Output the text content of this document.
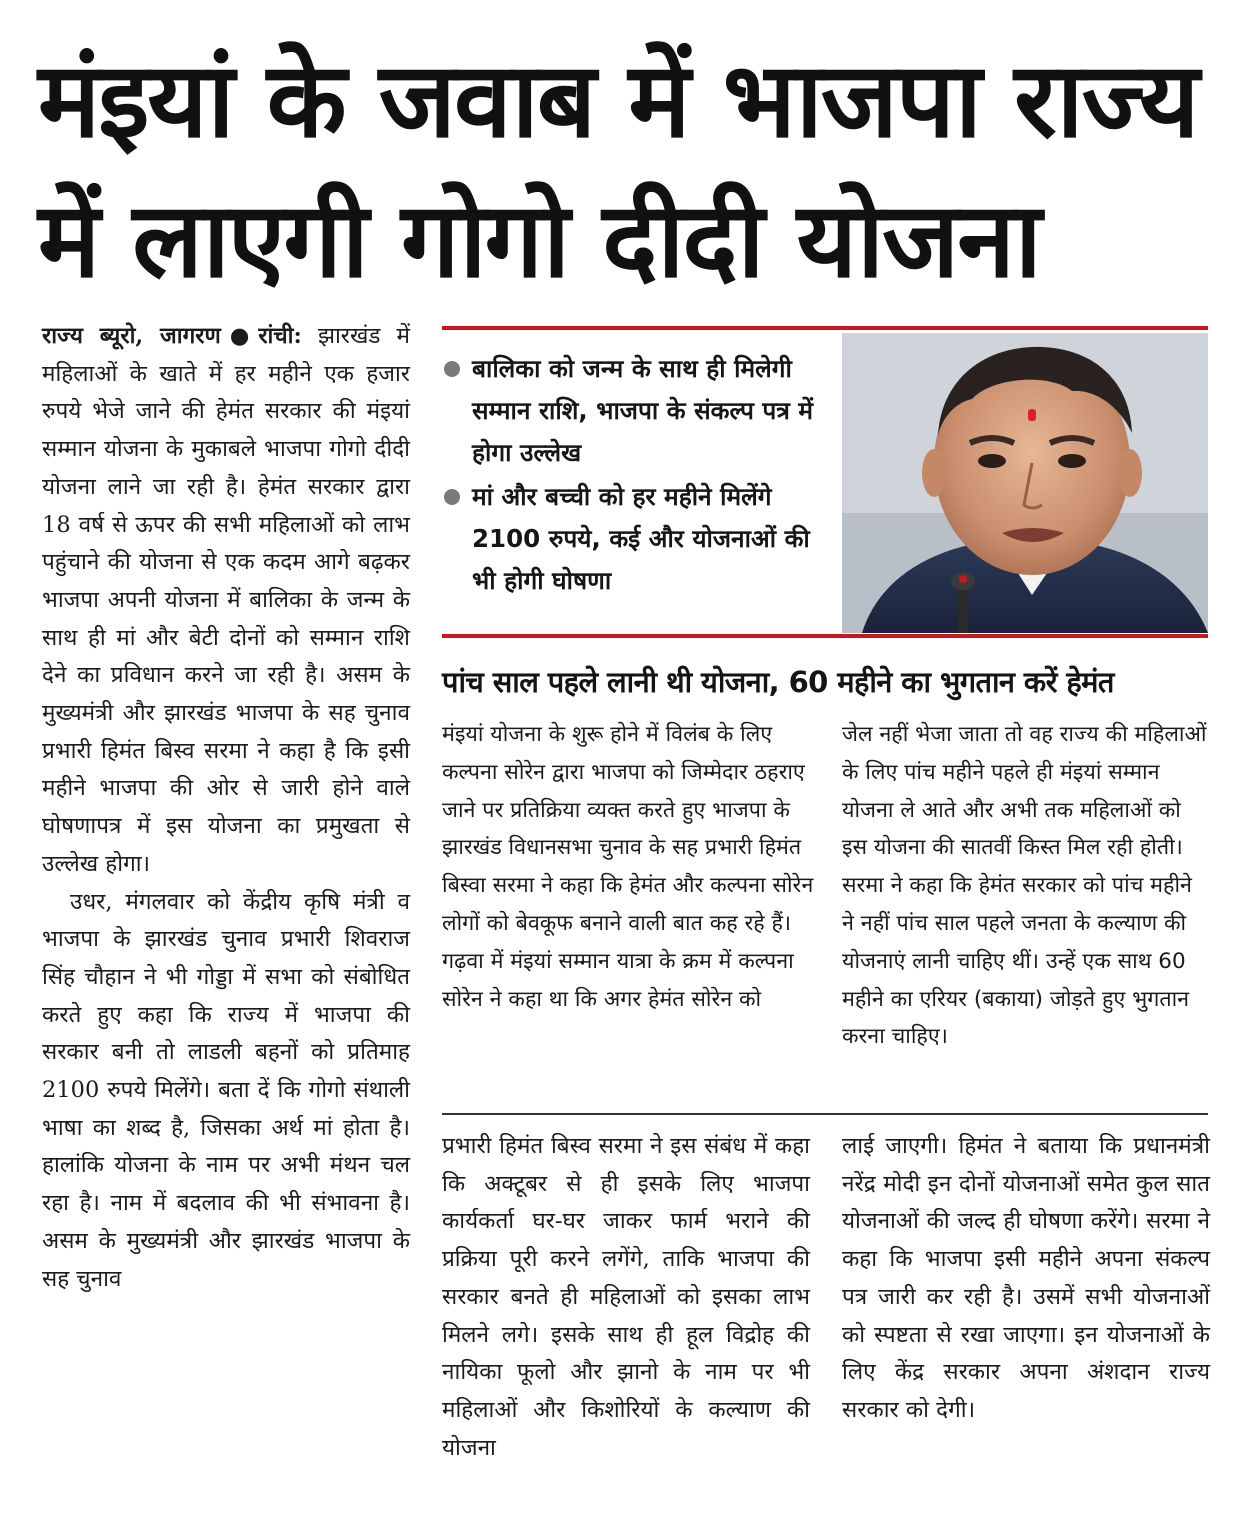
मंइयां के जवाब में भाजपा राज्य
में लाएगी गोगो दीदी योजना

राज्य ब्यूरो, जागरण●रांची: झारखंड में महिलाओं के खाते में हर महीने एक हजार रुपये भेजे जाने की हेमंत सरकार की मंइयां सम्मान योजना के मुकाबले भाजपा गोगो दीदी योजना लाने जा रही है। हेमंत सरकार द्वारा 18 वर्ष से ऊपर की सभी महिलाओं को लाभ पहुंचाने की योजना से एक कदम आगे बढ़कर भाजपा अपनी योजना में बालिका के जन्म के साथ ही मां और बेटी दोनों को सम्मान राशि देने का प्रविधान करने जा रही है। असम के मुख्यमंत्री और झारखंड भाजपा के सह चुनाव प्रभारी हिमंत बिस्व सरमा ने कहा है कि इसी महीने भाजपा की ओर से जारी होने वाले घोषणापत्र में इस योजना का प्रमुखता से उल्लेख होगा।

उधर, मंगलवार को केंद्रीय कृषि मंत्री व भाजपा के झारखंड चुनाव प्रभारी शिवराज सिंह चौहान ने भी गोड्डा में सभा को संबोधित करते हुए कहा कि राज्य में भाजपा की सरकार बनी तो लाडली बहनों को प्रतिमाह 2100 रुपये मिलेंगे। बता दें कि गोगो संथाली भाषा का शब्द है, जिसका अर्थ मां होता है। हालांकि योजना के नाम पर अभी मंथन चल रहा है। नाम में बदलाव की भी संभावना है। असम के मुख्यमंत्री और झारखंड भाजपा के सह चुनाव

बालिका को जन्म के साथ ही मिलेगी सम्मान राशि, भाजपा के संकल्प पत्र में होगा उल्लेख
मां और बच्ची को हर महीने मिलेंगे 2100 रुपये, कई और योजनाओं की भी होगी घोषणा
पांच साल पहले लानी थी योजना, 60 महीने का भुगतान करें हेमंत

मंइयां योजना के शुरू होने में विलंब के लिए कल्पना सोरेन द्वारा भाजपा को जिम्मेदार ठहराए जाने पर प्रतिक्रिया व्यक्त करते हुए भाजपा के झारखंड विधानसभा चुनाव के सह प्रभारी हिमंत बिस्वा सरमा ने कहा कि हेमंत और कल्पना सोरेन लोगों को बेवकूफ बनाने वाली बात कह रहे हैं। गढ़वा में मंइयां सम्मान यात्रा के क्रम में कल्पना सोरेन ने कहा था कि अगर हेमंत सोरेन को

जेल नहीं भेजा जाता तो वह राज्य की महिलाओं के लिए पांच महीने पहले ही मंइयां सम्मान योजना ले आते और अभी तक महिलाओं को इस योजना की सातवीं किस्त मिल रही होती। सरमा ने कहा कि हेमंत सरकार को पांच महीने ने नहीं पांच साल पहले जनता के कल्याण की योजनाएं लानी चाहिए थीं। उन्हें एक साथ 60 महीने का एरियर (बकाया) जोड़ते हुए भुगतान करना चाहिए।

प्रभारी हिमंत बिस्व सरमा ने इस संबंध में कहा कि अक्टूबर से ही इसके लिए भाजपा कार्यकर्ता घर-घर जाकर फार्म भराने की प्रक्रिया पूरी करने लगेंगे, ताकि भाजपा की सरकार बनते ही महिलाओं को इसका लाभ मिलने लगे। इसके साथ ही हूल विद्रोह की नायिका फूलो और झानो के नाम पर भी महिलाओं और किशोरियों के कल्याण की योजना

लाई जाएगी। हिमंत ने बताया कि प्रधानमंत्री नरेंद्र मोदी इन दोनों योजनाओं समेत कुल सात योजनाओं की जल्द ही घोषणा करेंगे। सरमा ने कहा कि भाजपा इसी महीने अपना संकल्प पत्र जारी कर रही है। उसमें सभी योजनाओं को स्पष्टता से रखा जाएगा। इन योजनाओं के लिए केंद्र सरकार अपना अंशदान राज्य सरकार को देगी।
